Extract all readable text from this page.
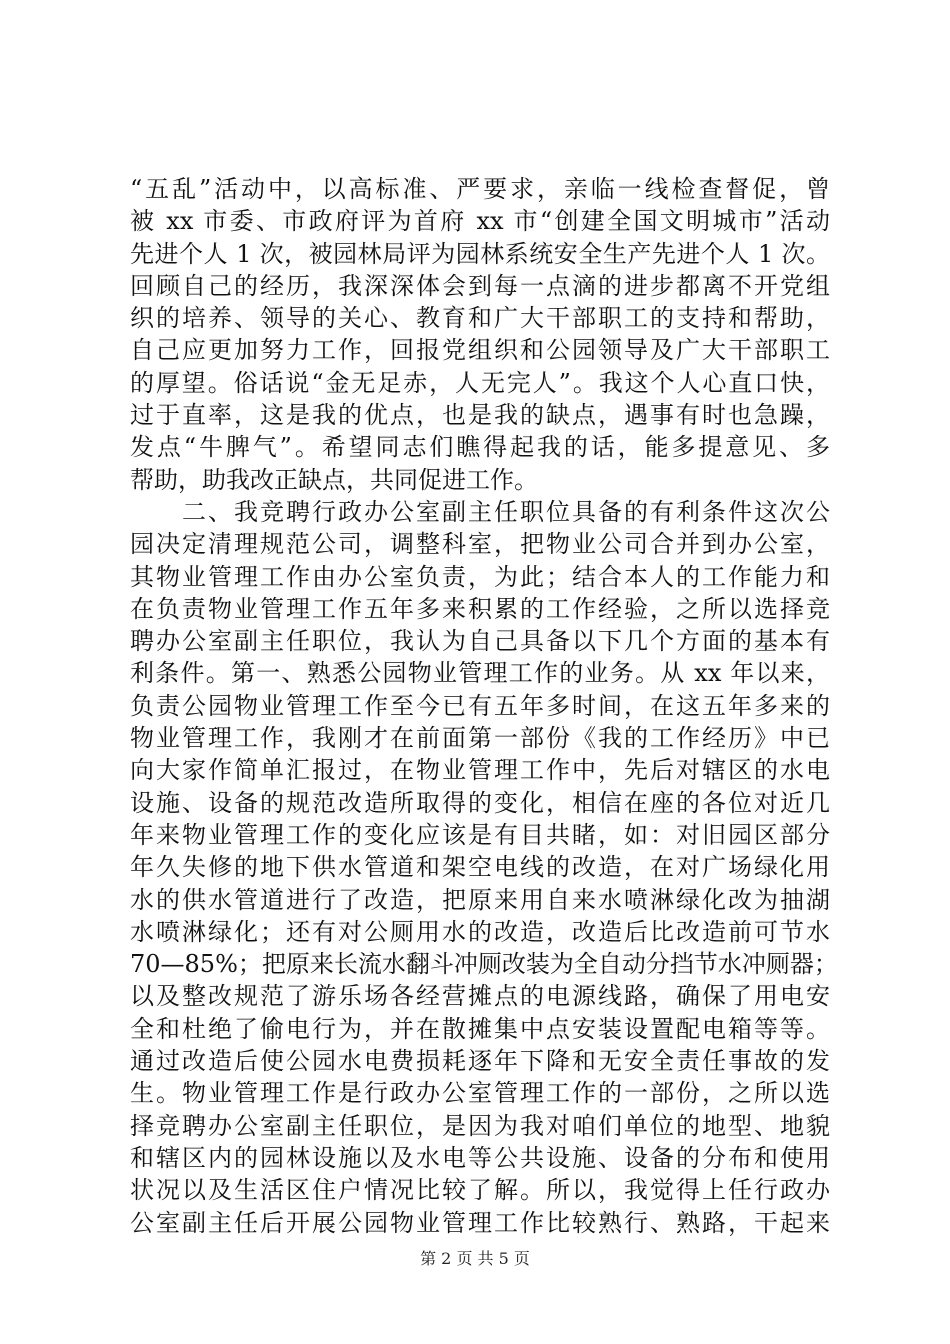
“五乱”活动中，以高标准、严要求，亲临一线检查督促，曾
被 xx 市委、市政府评为首府 xx 市“创建全国文明城市”活动
先进个人 1 次，被园林局评为园林系统安全生产先进个人 1 次。
回顾自己的经历，我深深体会到每一点滴的进步都离不开党组
织的培养、领导的关心、教育和广大干部职工的支持和帮助，
自己应更加努力工作，回报党组织和公园领导及广大干部职工
的厚望。俗话说“金无足赤，人无完人”。我这个人心直口快，
过于直率，这是我的优点，也是我的缺点，遇事有时也急躁，
发点“牛脾气”。希望同志们瞧得起我的话，能多提意见、多
帮助，助我改正缺点，共同促进工作。

　　二、我竞聘行政办公室副主任职位具备的有利条件这次公
园决定清理规范公司，调整科室，把物业公司合并到办公室，
其物业管理工作由办公室负责，为此；结合本人的工作能力和
在负责物业管理工作五年多来积累的工作经验，之所以选择竞
聘办公室副主任职位，我认为自己具备以下几个方面的基本有
利条件。第一、熟悉公园物业管理工作的业务。从 xx 年以来，
负责公园物业管理工作至今已有五年多时间，在这五年多来的
物业管理工作，我刚才在前面第一部份《我的工作经历》中已
向大家作简单汇报过，在物业管理工作中，先后对辖区的水电
设施、设备的规范改造所取得的变化，相信在座的各位对近几
年来物业管理工作的变化应该是有目共睹，如：对旧园区部分
年久失修的地下供水管道和架空电线的改造，在对广场绿化用
水的供水管道进行了改造，把原来用自来水喷淋绿化改为抽湖
水喷淋绿化；还有对公厕用水的改造，改造后比改造前可节水
70—85%；把原来长流水翻斗冲厕改装为全自动分挡节水冲厕器；
以及整改规范了游乐场各经营摊点的电源线路，确保了用电安
全和杜绝了偷电行为，并在散摊集中点安装设置配电箱等等。
通过改造后使公园水电费损耗逐年下降和无安全责任事故的发
生。物业管理工作是行政办公室管理工作的一部份，之所以选
择竞聘办公室副主任职位，是因为我对咱们单位的地型、地貌
和辖区内的园林设施以及水电等公共设施、设备的分布和使用
状况以及生活区住户情况比较了解。所以，我觉得上任行政办
公室副主任后开展公园物业管理工作比较熟行、熟路，干起来

第 2 页 共 5 页
